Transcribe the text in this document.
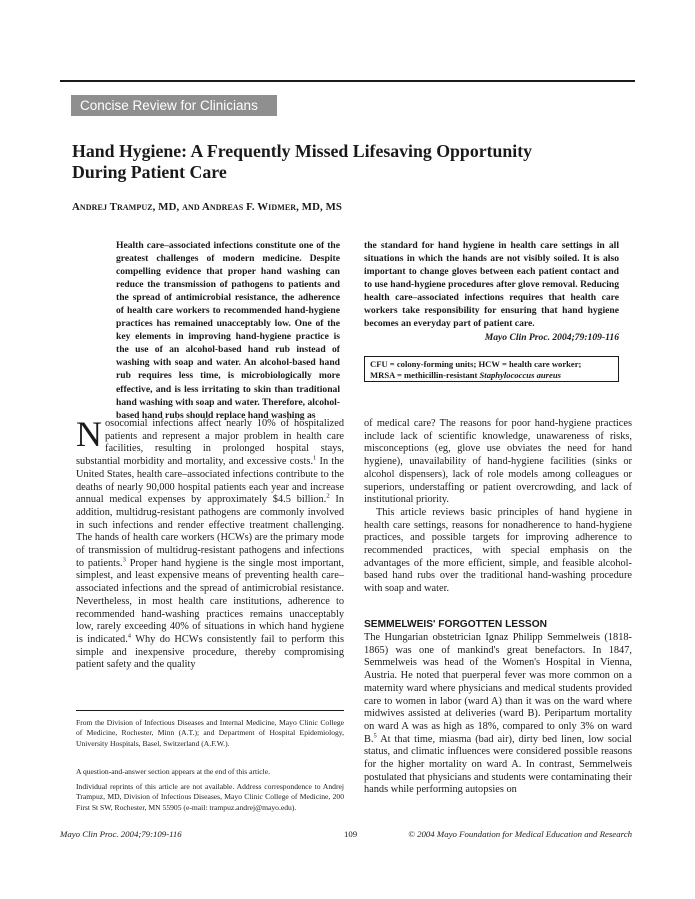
Concise Review for Clinicians
Hand Hygiene: A Frequently Missed Lifesaving Opportunity
During Patient Care
Andrej Trampuz, MD, and Andreas F. Widmer, MD, MS
Health care–associated infections constitute one of the greatest challenges of modern medicine. Despite compelling evidence that proper hand washing can reduce the transmission of pathogens to patients and the spread of antimicrobial resistance, the adherence of health care workers to recommended hand-hygiene practices has remained unacceptably low. One of the key elements in improving hand-hygiene practice is the use of an alcohol-based hand rub instead of washing with soap and water. An alcohol-based hand rub requires less time, is microbiologically more effective, and is less irritating to skin than traditional hand washing with soap and water. Therefore, alcohol-based hand rubs should replace hand washing as
the standard for hand hygiene in health care settings in all situations in which the hands are not visibly soiled. It is also important to change gloves between each patient contact and to use hand-hygiene procedures after glove removal. Reducing health care–associated infections requires that health care workers take responsibility for ensuring that hand hygiene becomes an everyday part of patient care.
Mayo Clin Proc. 2004;79:109-116
CFU = colony-forming units; HCW = health care worker;
MRSA = methicillin-resistant Staphylococcus aureus

Nosocomial infections affect nearly 10% of hospitalized patients and represent a major problem in health care facilities, resulting in prolonged hospital stays, substantial morbidity and mortality, and excessive costs.$^1$ In the United States, health care–associated infections contribute to the deaths of nearly 90,000 hospital patients each year and increase annual medical expenses by approximately $4.5 billion.$^2$ In addition, multidrug-resistant pathogens are commonly involved in such infections and render effective treatment challenging. The hands of health care workers (HCWs) are the primary mode of transmission of multidrug-resistant pathogens and infections to patients.$^3$ Proper hand hygiene is the single most important, simplest, and least expensive means of preventing health care–associated infections and the spread of antimicrobial resistance. Nevertheless, in most health care institutions, adherence to recommended hand-washing practices remains unacceptably low, rarely exceeding 40% of situations in which hand hygiene is indicated.$^4$ Why do HCWs consistently fail to perform this simple and inexpensive procedure, thereby compromising patient safety and the quality

of medical care? The reasons for poor hand-hygiene practices include lack of scientific knowledge, unawareness of risks, misconceptions (eg, glove use obviates the need for hand hygiene), unavailability of hand-hygiene facilities (sinks or alcohol dispensers), lack of role models among colleagues or superiors, understaffing or patient overcrowding, and lack of institutional priority.

This article reviews basic principles of hand hygiene in health care settings, reasons for nonadherence to hand-hygiene practices, and possible targets for improving adherence to recommended practices, with special emphasis on the advantages of the more efficient, simple, and feasible alcohol-based hand rubs over the traditional hand-washing procedure with soap and water.

SEMMELWEIS' FORGOTTEN LESSON

The Hungarian obstetrician Ignaz Philipp Semmelweis (1818-1865) was one of mankind's great benefactors. In 1847, Semmelweis was head of the Women's Hospital in Vienna, Austria. He noted that puerperal fever was more common on a maternity ward where physicians and medical students provided care to women in labor (ward A) than it was on the ward where midwives assisted at deliveries (ward B). Peripartum mortality on ward A was as high as 18%, compared to only 3% on ward B.$^5$ At that time, miasma (bad air), dirty bed linen, low social status, and climatic influences were considered possible reasons for the higher mortality on ward A. In contrast, Semmelweis postulated that physicians and students were contaminating their hands while performing autopsies on

From the Division of Infectious Diseases and Internal Medicine, Mayo Clinic College of Medicine, Rochester, Minn (A.T.); and Department of Hospital Epidemiology, University Hospitals, Basel, Switzerland (A.F.W.).
A question-and-answer section appears at the end of this article.
Individual reprints of this article are not available. Address correspondence to Andrej Trampuz, MD, Division of Infectious Diseases, Mayo Clinic College of Medicine, 200 First St SW, Rochester, MN 55905 (e-mail: trampuz.andrej@mayo.edu).
Mayo Clin Proc. 2004;79:109-116	109	© 2004 Mayo Foundation for Medical Education and Research
